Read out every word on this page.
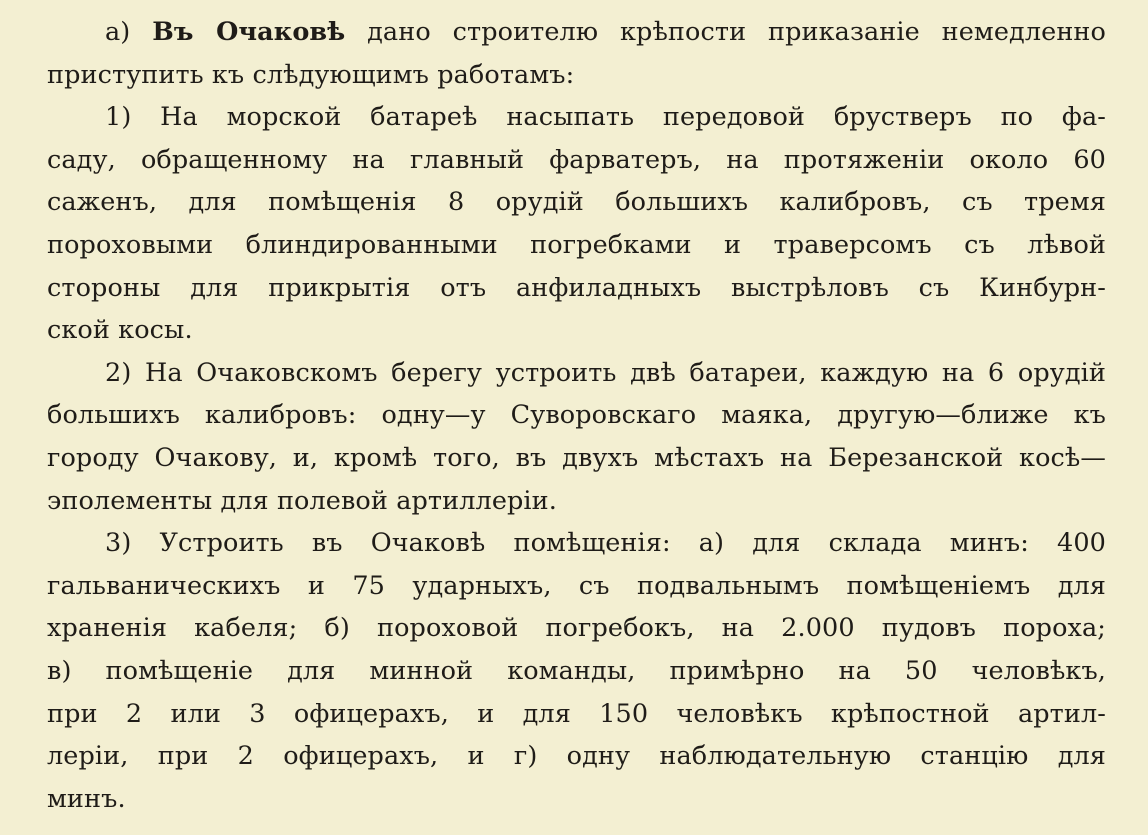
а) Въ Очаковѣ дано строителю крѣпости приказаніе немедленно
приступить къ слѣдующимъ работамъ:

1) На морской батареѣ насыпать передовой брустверъ по фа-
саду, обращенному на главный фарватеръ, на протяженіи около 60
саженъ, для помѣщенія 8 орудій большихъ калибровъ, съ тремя
пороховыми блиндированными погребками и траверсомъ съ лѣвой
стороны для прикрытія отъ анфиладныхъ выстрѣловъ съ Кинбурн-
ской косы.

2) На Очаковскомъ берегу устроить двѣ батареи, каждую на 6 орудій
большихъ калибровъ: одну—у Суворовскаго маяка, другую—ближе къ
городу Очакову, и, кромѣ того, въ двухъ мѣстахъ на Березанской косѣ—
эполементы для полевой артиллеріи.

3) Устроить въ Очаковѣ помѣщенія: а) для склада минъ: 400
гальваническихъ и 75 ударныхъ, съ подвальнымъ помѣщеніемъ для
храненія кабеля; б) пороховой погребокъ, на 2.000 пудовъ пороха;
в) помѣщеніе для минной команды, примѣрно на 50 человѣкъ,
при 2 или 3 офицерахъ, и для 150 человѣкъ крѣпостной артил-
леріи, при 2 офицерахъ, и г) одну наблюдательную станцію для
минъ.
